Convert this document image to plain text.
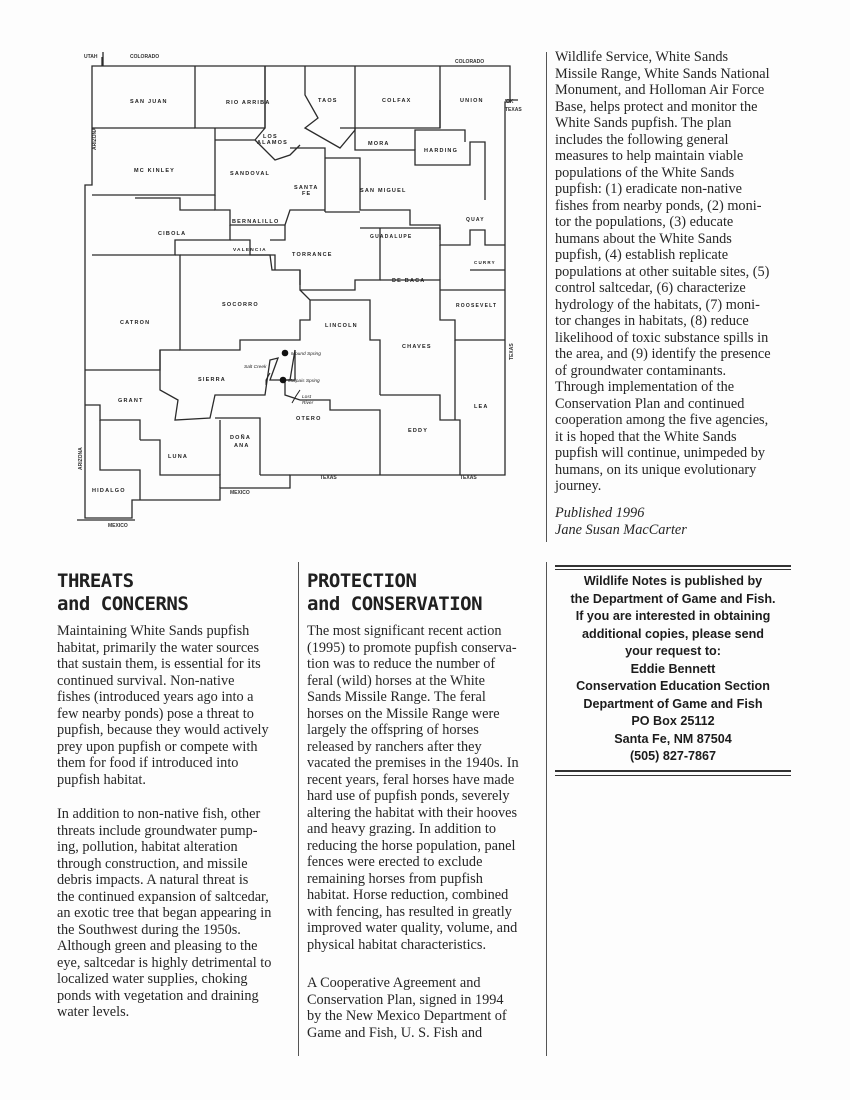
UTAH	COLORADO
COLORADO
OK
TEXAS
TEXAS	TEXAS
MEXICO
MEXICO
ARIZONA
ARIZONA
TEXAS
SAN JUAN	RIO ARRIBA	TAOS	COLFAX	UNION
LOS
ALAMOS	MORA
HARDING
MC KINLEY	SANDOVAL
SANTA
FE	SAN MIGUEL
BERNALILLO
CIBOLA
VALENCIA
TORRANCE
GUADALUPE
QUAY
CURRY
DE BACA
ROOSEVELT
CATRON
SOCORRO
LINCOLN
CHAVES
SIERRA
GRANT
LEA
OTERO
EDDY
DOÑA
ANA
LUNA
HIDALGO
Mound Spring
Salt Creek
Malpais Spring
Lost
River
Wildlife Service, White Sands
Missile Range, White Sands National
Monument, and Holloman Air Force
Base, helps protect and monitor the
White Sands pupfish. The plan
includes the following general
measures to help maintain viable
populations of the White Sands
pupfish: (1) eradicate non-native
fishes from nearby ponds, (2) moni-
tor the populations, (3) educate
humans about the White Sands
pupfish, (4) establish replicate
populations at other suitable sites, (5)
control saltcedar, (6) characterize
hydrology of the habitats, (7) moni-
tor changes in habitats, (8) reduce
likelihood of toxic substance spills in
the area, and (9) identify the presence
of groundwater contaminants.
Through implementation of the
Conservation Plan and continued
cooperation among the five agencies,
it is hoped that the White Sands
pupfish will continue, unimpeded by
humans, on its unique evolutionary
journey.
Published 1996
Jane Susan MacCarter
THREATS
and CONCERNS
Maintaining White Sands pupfish
habitat, primarily the water sources
that sustain them, is essential for its
continued survival. Non-native
fishes (introduced years ago into a
few nearby ponds) pose a threat to
pupfish, because they would actively
prey upon pupfish or compete with
them for food if introduced into
pupfish habitat.
In addition to non-native fish, other
threats include groundwater pump-
ing, pollution, habitat alteration
through construction, and missile
debris impacts. A natural threat is
the continued expansion of saltcedar,
an exotic tree that began appearing in
the Southwest during the 1950s.
Although green and pleasing to the
eye, saltcedar is highly detrimental to
localized water supplies, choking
ponds with vegetation and draining
water levels.
PROTECTION
and CONSERVATION
The most significant recent action
(1995) to promote pupfish conserva-
tion was to reduce the number of
feral (wild) horses at the White
Sands Missile Range. The feral
horses on the Missile Range were
largely the offspring of horses
released by ranchers after they
vacated the premises in the 1940s. In
recent years, feral horses have made
hard use of pupfish ponds, severely
altering the habitat with their hooves
and heavy grazing. In addition to
reducing the horse population, panel
fences were erected to exclude
remaining horses from pupfish
habitat. Horse reduction, combined
with fencing, has resulted in greatly
improved water quality, volume, and
physical habitat characteristics.
A Cooperative Agreement and
Conservation Plan, signed in 1994
by the New Mexico Department of
Game and Fish, U. S. Fish and
Wildlife Notes is published by
the Department of Game and Fish.
If you are interested in obtaining
additional copies, please send
your request to:
Eddie Bennett
Conservation Education Section
Department of Game and Fish
PO Box 25112
Santa Fe, NM 87504
(505) 827-7867
